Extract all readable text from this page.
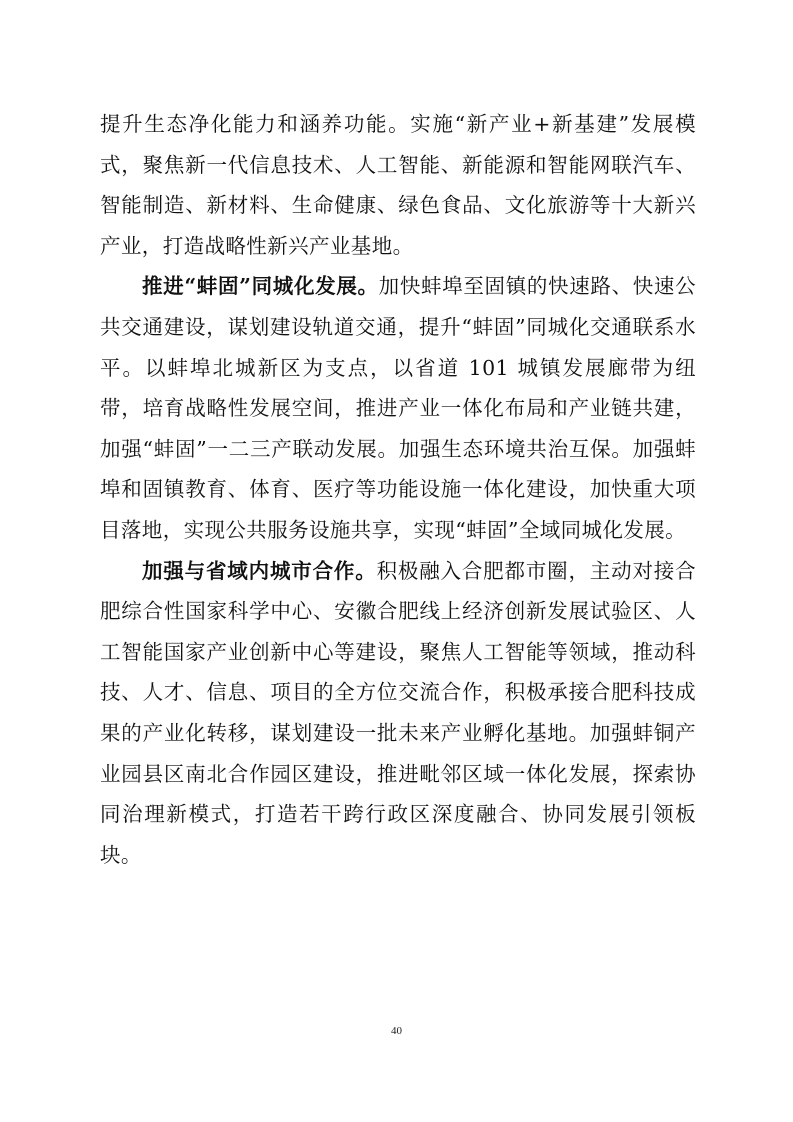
提升生态净化能力和涵养功能。实施“新产业+新基建”发展模式，聚焦新一代信息技术、人工智能、新能源和智能网联汽车、智能制造、新材料、生命健康、绿色食品、文化旅游等十大新兴产业，打造战略性新兴产业基地。

推进“蚌固”同城化发展。加快蚌埠至固镇的快速路、快速公共交通建设，谋划建设轨道交通，提升“蚌固”同城化交通联系水平。以蚌埠北城新区为支点，以省道 101 城镇发展廊带为纽带，培育战略性发展空间，推进产业一体化布局和产业链共建，加强“蚌固”一二三产联动发展。加强生态环境共治互保。加强蚌埠和固镇教育、体育、医疗等功能设施一体化建设，加快重大项目落地，实现公共服务设施共享，实现“蚌固”全域同城化发展。

加强与省域内城市合作。积极融入合肥都市圈，主动对接合肥综合性国家科学中心、安徽合肥线上经济创新发展试验区、人工智能国家产业创新中心等建设，聚焦人工智能等领域，推动科技、人才、信息、项目的全方位交流合作，积极承接合肥科技成果的产业化转移，谋划建设一批未来产业孵化基地。加强蚌铜产业园县区南北合作园区建设，推进毗邻区域一体化发展，探索协同治理新模式，打造若干跨行政区深度融合、协同发展引领板块。

40
